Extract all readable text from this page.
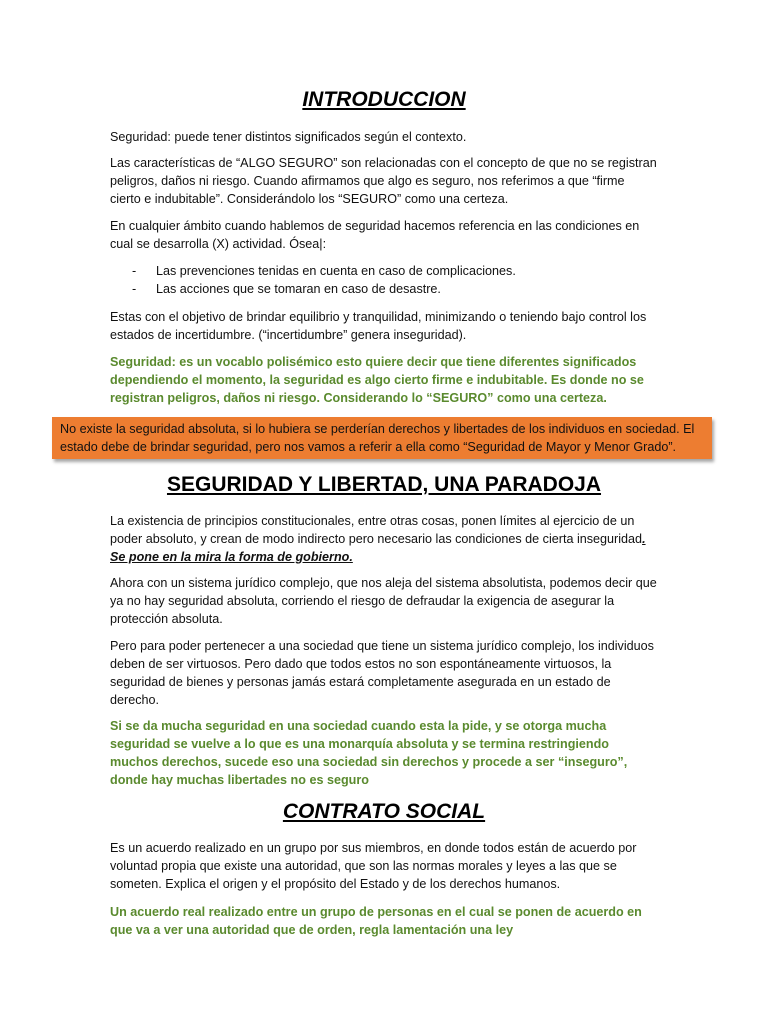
INTRODUCCION

Seguridad: puede tener distintos significados según el contexto.

Las características de “ALGO SEGURO” son relacionadas con el concepto de que no se registran peligros, daños ni riesgo. Cuando afirmamos que algo es seguro, nos referimos a que “firme cierto e indubitable”. Considerándolo los “SEGURO” como una certeza.

En cualquier ámbito cuando hablemos de seguridad hacemos referencia en las condiciones en cual se desarrolla (X) actividad. Ósea|:

- Las prevenciones tenidas en cuenta en caso de complicaciones.
- Las acciones que se tomaran en caso de desastre.

Estas con el objetivo de brindar equilibrio y tranquilidad, minimizando o teniendo bajo control los estados de incertidumbre. (“incertidumbre” genera inseguridad).

Seguridad: es un vocablo polisémico esto quiere decir que tiene diferentes significados dependiendo el momento, la seguridad es algo cierto firme e indubitable. Es donde no se registran peligros, daños ni riesgo. Considerando lo “SEGURO” como una certeza.

No existe la seguridad absoluta, si lo hubiera se perderían derechos y libertades de los individuos en sociedad. El estado debe de brindar seguridad, pero nos vamos a referir a ella como “Seguridad de Mayor y Menor Grado”.
SEGURIDAD Y LIBERTAD, UNA PARADOJA

La existencia de principios constitucionales, entre otras cosas, ponen límites al ejercicio de un poder absoluto, y crean de modo indirecto pero necesario las condiciones de cierta inseguridad. Se pone en la mira la forma de gobierno.

Ahora con un sistema jurídico complejo, que nos aleja del sistema absolutista, podemos decir que ya no hay seguridad absoluta, corriendo el riesgo de defraudar la exigencia de asegurar la protección absoluta.

Pero para poder pertenecer a una sociedad que tiene un sistema jurídico complejo, los individuos deben de ser virtuosos. Pero dado que todos estos no son espontáneamente virtuosos, la seguridad de bienes y personas jamás estará completamente asegurada en un estado de derecho.

Si se da mucha seguridad en una sociedad cuando esta la pide, y se otorga mucha seguridad se vuelve a lo que es una monarquía absoluta y se termina restringiendo muchos derechos, sucede eso una sociedad sin derechos y procede a ser “inseguro”, donde hay muchas libertades no es seguro

CONTRATO SOCIAL

Es un acuerdo realizado en un grupo por sus miembros, en donde todos están de acuerdo por voluntad propia que existe una autoridad, que son las normas morales y leyes a las que se someten. Explica el origen y el propósito del Estado y de los derechos humanos.

Un acuerdo real realizado entre un grupo de personas en el cual se ponen de acuerdo en que va a ver una autoridad que de orden, regla lamentación una ley
